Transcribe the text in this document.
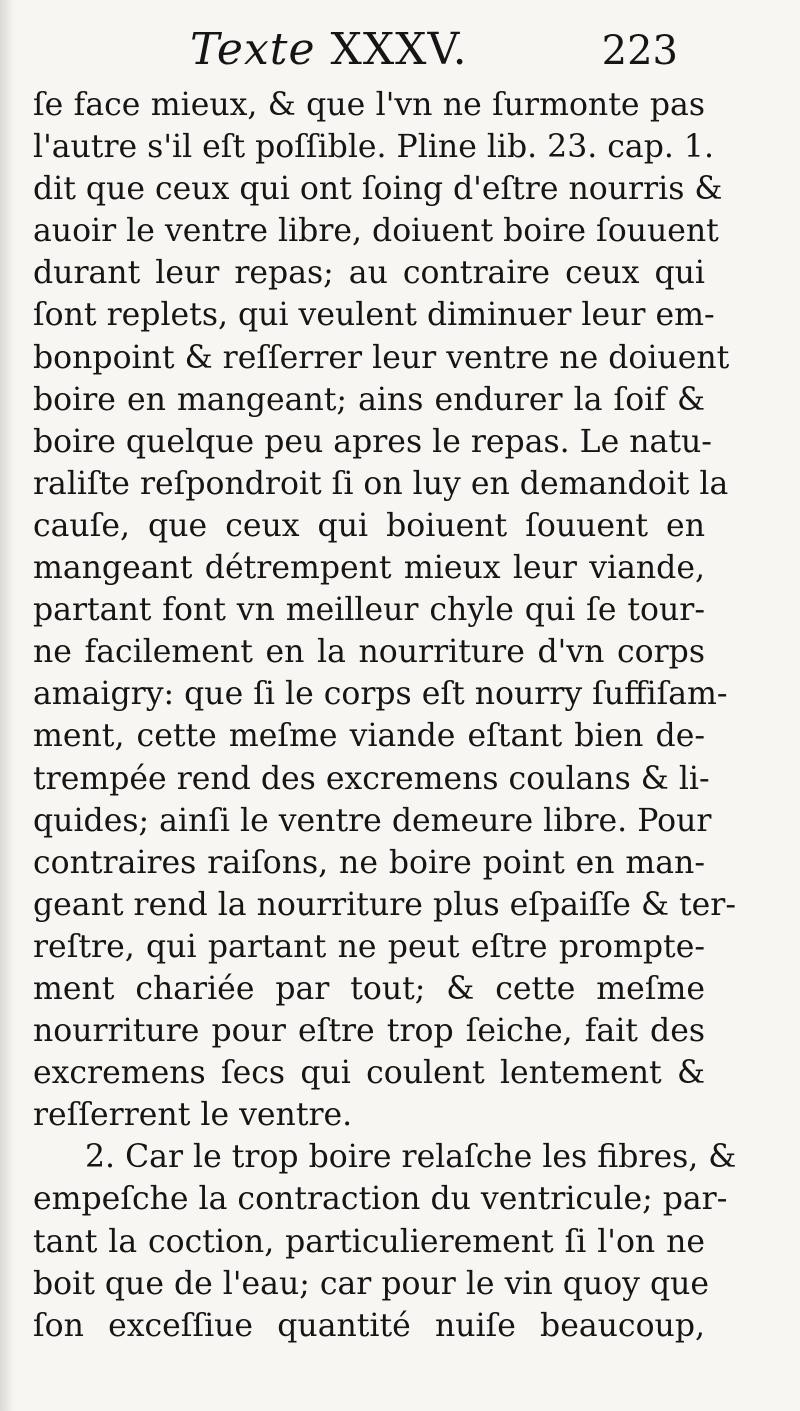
Texte XXXV.	223
ſe face mieux, & que l'vn ne ſurmonte pas
l'autre s'il eſt poſſible. Pline lib. 23. cap. 1.
dit que ceux qui ont ſoing d'eſtre nourris &
auoir le ventre libre, doiuent boire ſouuent
durant leur repas; au contraire ceux qui
ſont replets, qui veulent diminuer leur em-
bonpoint & reſſerrer leur ventre ne doiuent
boire en mangeant; ains endurer la ſoif &
boire quelque peu apres le repas. Le natu-
raliſte reſpondroit ſi on luy en demandoit la
cauſe, que ceux qui boiuent ſouuent en
mangeant détrempent mieux leur viande,
partant font vn meilleur chyle qui ſe tour-
ne facilement en la nourriture d'vn corps
amaigry: que ſi le corps eſt nourry ſuffiſam-
ment, cette meſme viande eſtant bien de-
trempée rend des excremens coulans & li-
quides; ainſi le ventre demeure libre. Pour
contraires raiſons, ne boire point en man-
geant rend la nourriture plus eſpaiſſe & ter-
reſtre, qui partant ne peut eſtre prompte-
ment chariée par tout; & cette meſme
nourriture pour eſtre trop ſeiche, fait des
excremens ſecs qui coulent lentement &
reſſerrent le ventre.
2. Car le trop boire relaſche les fibres, &
empeſche la contraction du ventricule; par-
tant la coction, particulierement ſi l'on ne
boit que de l'eau; car pour le vin quoy que
ſon exceſſiue quantité nuiſe beaucoup,
